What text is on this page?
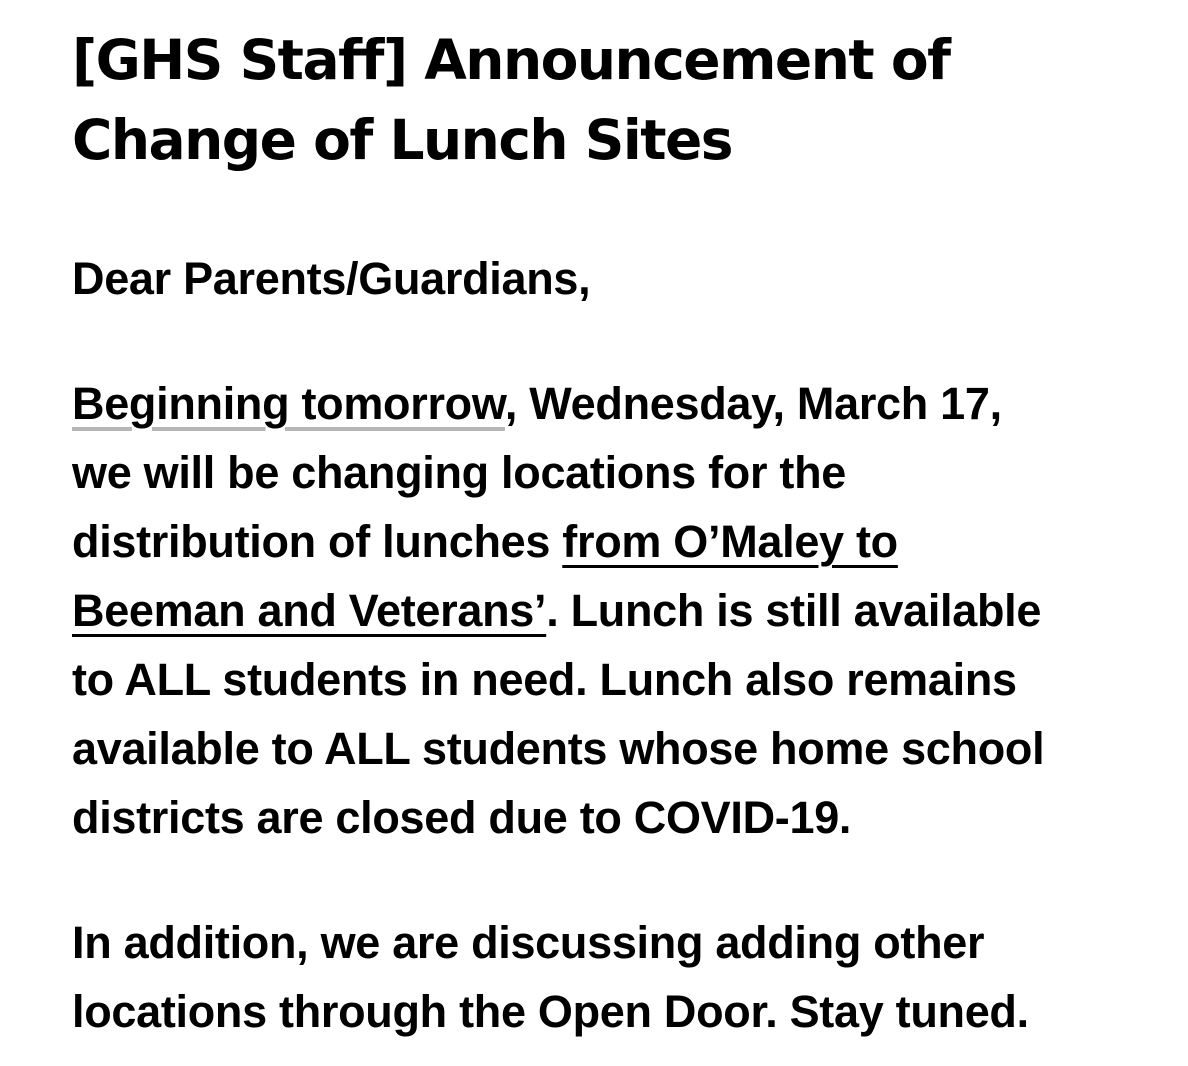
[GHS Staff] Announcement of
Change of Lunch Sites

Dear Parents/Guardians,

Beginning tomorrow, Wednesday, March 17,
we will be changing locations for the
distribution of lunches from O’Maley to
Beeman and Veterans’. Lunch is still available
to ALL students in need. Lunch also remains
available to ALL students whose home school
districts are closed due to COVID-19.

In addition, we are discussing adding other
locations through the Open Door. Stay tuned.
